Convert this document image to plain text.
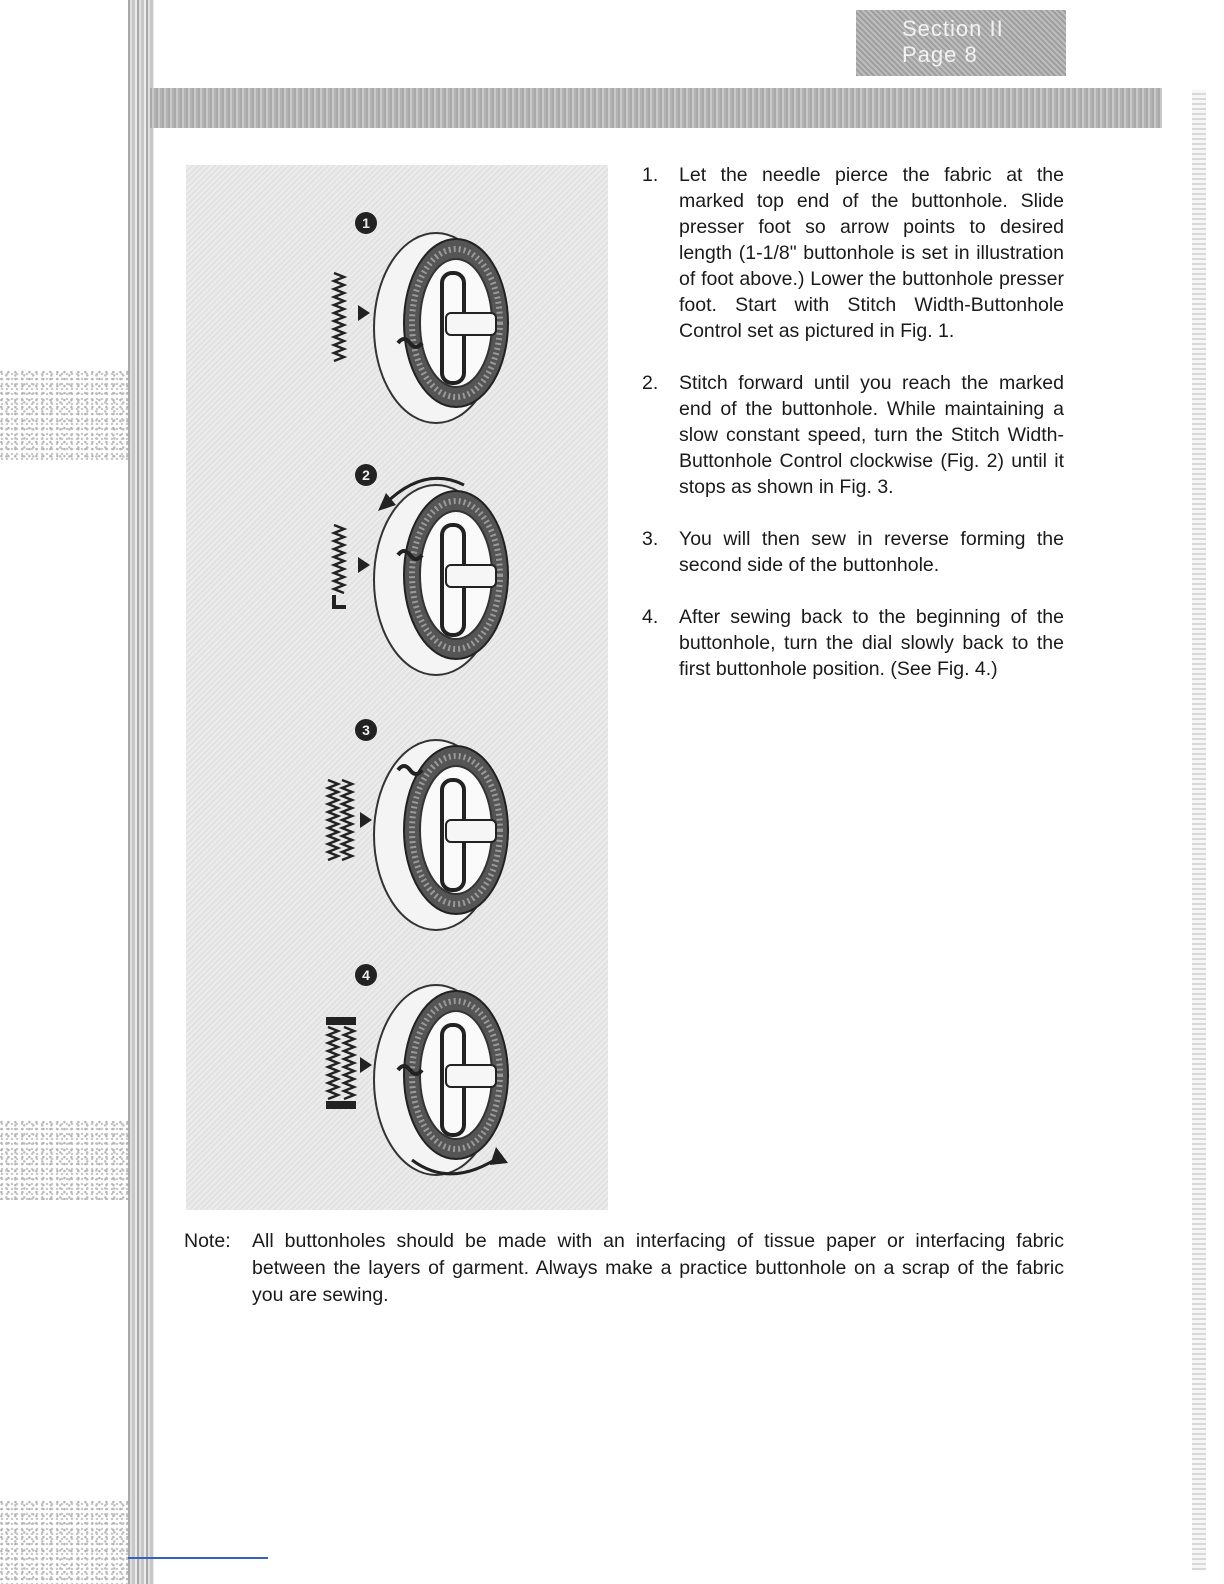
Section II
Page 8
1
2
3
4
1. Let the needle pierce the fabric at the marked top end of the buttonhole. Slide presser foot so arrow points to desired length (1-1/8" buttonhole is set in illustration of foot above.) Lower the buttonhole presser foot. Start with Stitch Width-Buttonhole Control set as pictured in Fig. 1.
2. Stitch forward until you reach the marked end of the buttonhole. While maintaining a slow constant speed, turn the Stitch Width-Buttonhole Control clockwise (Fig. 2) until it stops as shown in Fig. 3.
3. You will then sew in reverse forming the second side of the buttonhole.
4. After sewing back to the beginning of the buttonhole, turn the dial slowly back to the first buttonhole position. (See Fig. 4.)
Note: All buttonholes should be made with an interfacing of tissue paper or interfacing fabric between the layers of garment. Always make a practice buttonhole on a scrap of the fabric you are sewing.
